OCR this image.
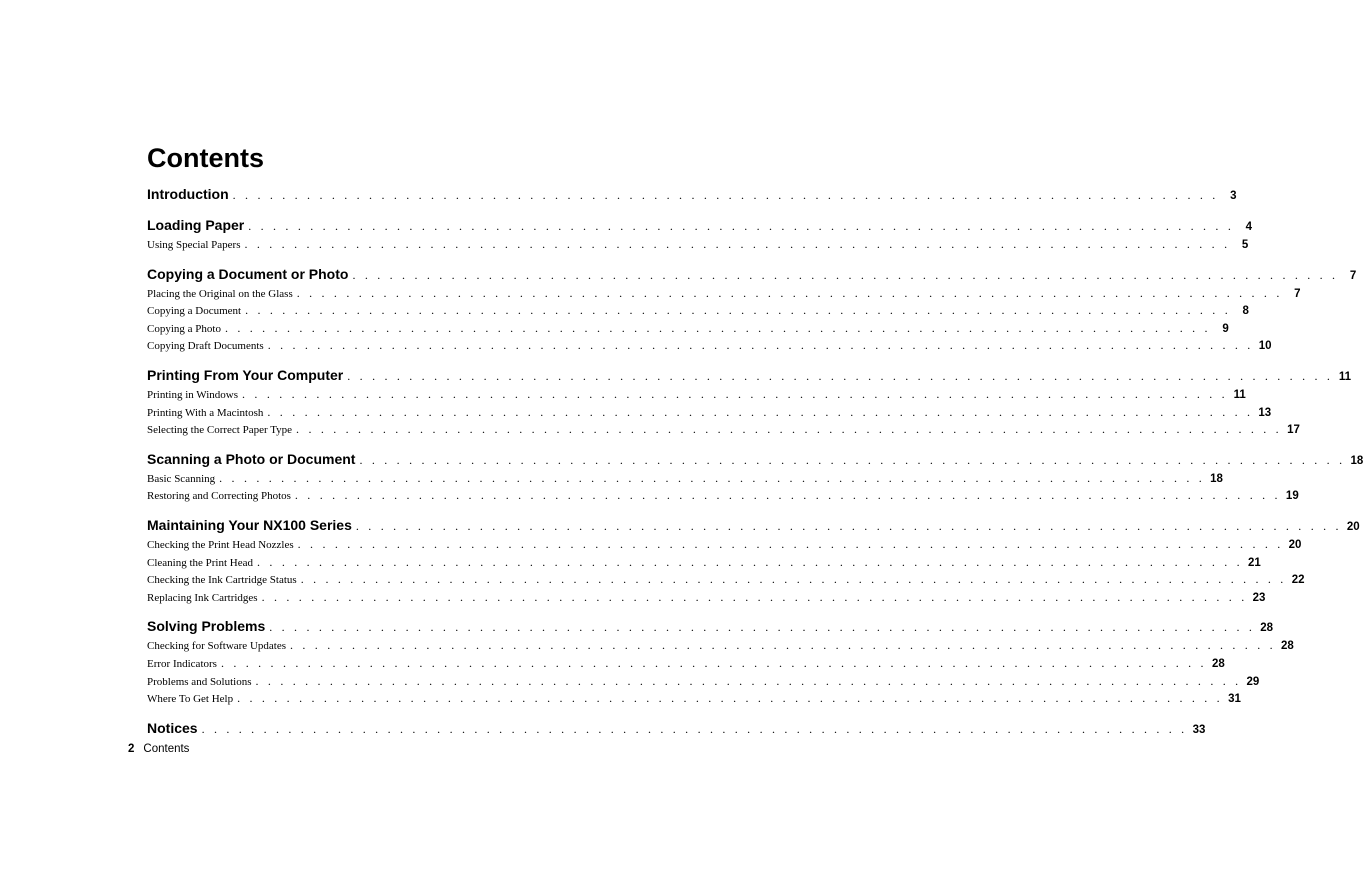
Contents
Introduction . . . . . . . . . . . . . . . . . . . . . . . . . . . . . . . . . . . . . . . . . . . . . . . . . . . . . . . . . . . . . . . . . . . . . . . . . . . . . . . .	3
Loading Paper . . . . . . . . . . . . . . . . . . . . . . . . . . . . . . . . . . . . . . . . . . . . . . . . . . . . . . . . . . . . . . . . . . . . . . . . . . . . . . . .	4
Using Special Papers . . . . . . . . . . . . . . . . . . . . . . . . . . . . . . . . . . . . . . . . . . . . . . . . . . . . . . . . . . . . . . . . . . . . . . . . . . . . . . . .	5
Copying a Document or Photo . . . . . . . . . . . . . . . . . . . . . . . . . . . . . . . . . . . . . . . . . . . . . . . . . . . . . . . . . . . . . . . . . . . . . . . . . . . . . . . .	7
Placing the Original on the Glass . . . . . . . . . . . . . . . . . . . . . . . . . . . . . . . . . . . . . . . . . . . . . . . . . . . . . . . . . . . . . . . . . . . . . . . . . . . . . . . .	7
Copying a Document . . . . . . . . . . . . . . . . . . . . . . . . . . . . . . . . . . . . . . . . . . . . . . . . . . . . . . . . . . . . . . . . . . . . . . . . . . . . . . . .	8
Copying a Photo . . . . . . . . . . . . . . . . . . . . . . . . . . . . . . . . . . . . . . . . . . . . . . . . . . . . . . . . . . . . . . . . . . . . . . . . . . . . . . . .	9
Copying Draft Documents . . . . . . . . . . . . . . . . . . . . . . . . . . . . . . . . . . . . . . . . . . . . . . . . . . . . . . . . . . . . . . . . . . . . . . . . . . . . . . . . 10
Printing From Your Computer . . . . . . . . . . . . . . . . . . . . . . . . . . . . . . . . . . . . . . . . . . . . . . . . . . . . . . . . . . . . . . . . . . . . . . . . . . . . . . . . 11
Printing in Windows . . . . . . . . . . . . . . . . . . . . . . . . . . . . . . . . . . . . . . . . . . . . . . . . . . . . . . . . . . . . . . . . . . . . . . . . . . . . . . . . 11
Printing With a Macintosh . . . . . . . . . . . . . . . . . . . . . . . . . . . . . . . . . . . . . . . . . . . . . . . . . . . . . . . . . . . . . . . . . . . . . . . . . . . . . . . . 13
Selecting the Correct Paper Type . . . . . . . . . . . . . . . . . . . . . . . . . . . . . . . . . . . . . . . . . . . . . . . . . . . . . . . . . . . . . . . . . . . . . . . . . . . . . . . . 17
Scanning a Photo or Document . . . . . . . . . . . . . . . . . . . . . . . . . . . . . . . . . . . . . . . . . . . . . . . . . . . . . . . . . . . . . . . . . . . . . . . . . . . . . . . . 18
Basic Scanning . . . . . . . . . . . . . . . . . . . . . . . . . . . . . . . . . . . . . . . . . . . . . . . . . . . . . . . . . . . . . . . . . . . . . . . . . . . . . . . . 18
Restoring and Correcting Photos . . . . . . . . . . . . . . . . . . . . . . . . . . . . . . . . . . . . . . . . . . . . . . . . . . . . . . . . . . . . . . . . . . . . . . . . . . . . . . . . 19
Maintaining Your NX100 Series . . . . . . . . . . . . . . . . . . . . . . . . . . . . . . . . . . . . . . . . . . . . . . . . . . . . . . . . . . . . . . . . . . . . . . . . . . . . . . . . 20
Checking the Print Head Nozzles . . . . . . . . . . . . . . . . . . . . . . . . . . . . . . . . . . . . . . . . . . . . . . . . . . . . . . . . . . . . . . . . . . . . . . . . . . . . . . . . 20
Cleaning the Print Head . . . . . . . . . . . . . . . . . . . . . . . . . . . . . . . . . . . . . . . . . . . . . . . . . . . . . . . . . . . . . . . . . . . . . . . . . . . . . . . . 21
Checking the Ink Cartridge Status . . . . . . . . . . . . . . . . . . . . . . . . . . . . . . . . . . . . . . . . . . . . . . . . . . . . . . . . . . . . . . . . . . . . . . . . . . . . . . . . 22
Replacing Ink Cartridges . . . . . . . . . . . . . . . . . . . . . . . . . . . . . . . . . . . . . . . . . . . . . . . . . . . . . . . . . . . . . . . . . . . . . . . . . . . . . . . . 23
Solving Problems . . . . . . . . . . . . . . . . . . . . . . . . . . . . . . . . . . . . . . . . . . . . . . . . . . . . . . . . . . . . . . . . . . . . . . . . . . . . . . . . 28
Checking for Software Updates . . . . . . . . . . . . . . . . . . . . . . . . . . . . . . . . . . . . . . . . . . . . . . . . . . . . . . . . . . . . . . . . . . . . . . . . . . . . . . . . 28
Error Indicators . . . . . . . . . . . . . . . . . . . . . . . . . . . . . . . . . . . . . . . . . . . . . . . . . . . . . . . . . . . . . . . . . . . . . . . . . . . . . . . . 28
Problems and Solutions . . . . . . . . . . . . . . . . . . . . . . . . . . . . . . . . . . . . . . . . . . . . . . . . . . . . . . . . . . . . . . . . . . . . . . . . . . . . . . . . 29
Where To Get Help . . . . . . . . . . . . . . . . . . . . . . . . . . . . . . . . . . . . . . . . . . . . . . . . . . . . . . . . . . . . . . . . . . . . . . . . . . . . . . . . 31
Notices . . . . . . . . . . . . . . . . . . . . . . . . . . . . . . . . . . . . . . . . . . . . . . . . . . . . . . . . . . . . . . . . . . . . . . . . . . . . . . . . 33
2 Contents
